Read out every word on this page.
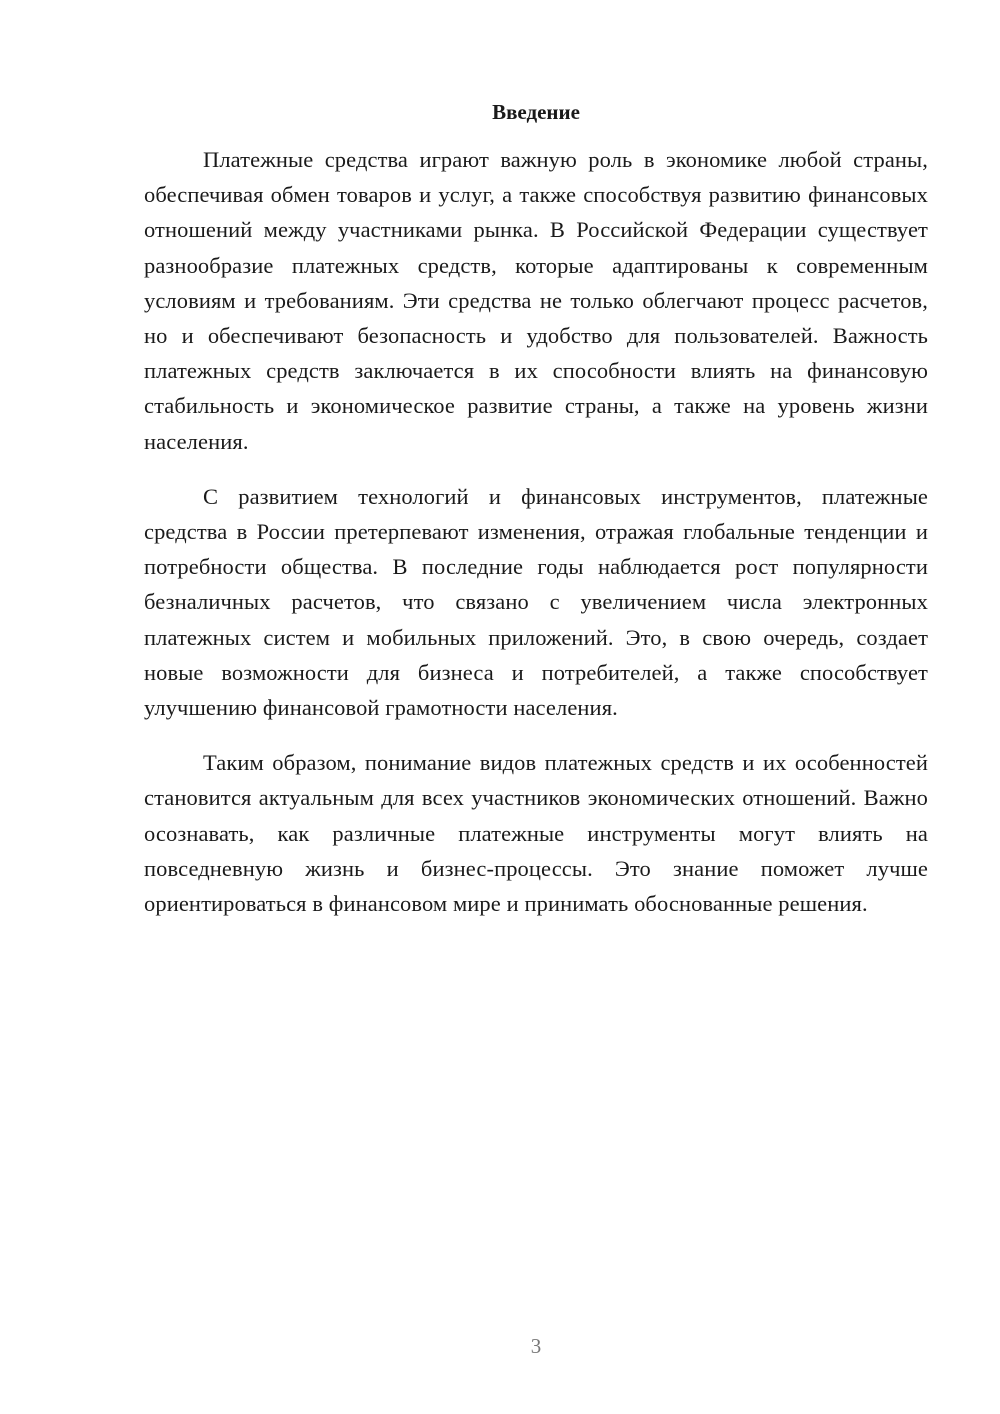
Введение

Платежные средства играют важную роль в экономике любой страны, обеспечивая обмен товаров и услуг, а также способствуя развитию финансовых отношений между участниками рынка. В Российской Федерации существует разнообразие платежных средств, которые адаптированы к современным условиям и требованиям. Эти средства не только облегчают процесс расчетов, но и обеспечивают безопасность и удобство для пользователей. Важность платежных средств заключается в их способности влиять на финансовую стабильность и экономическое развитие страны, а также на уровень жизни населения.

С развитием технологий и финансовых инструментов, платежные средства в России претерпевают изменения, отражая глобальные тенденции и потребности общества. В последние годы наблюдается рост популярности безналичных расчетов, что связано с увеличением числа электронных платежных систем и мобильных приложений. Это, в свою очередь, создает новые возможности для бизнеса и потребителей, а также способствует улучшению финансовой грамотности населения.

Таким образом, понимание видов платежных средств и их особенностей становится актуальным для всех участников экономических отношений. Важно осознавать, как различные платежные инструменты могут влиять на повседневную жизнь и бизнес-процессы. Это знание поможет лучше ориентироваться в финансовом мире и принимать обоснованные решения.

3
